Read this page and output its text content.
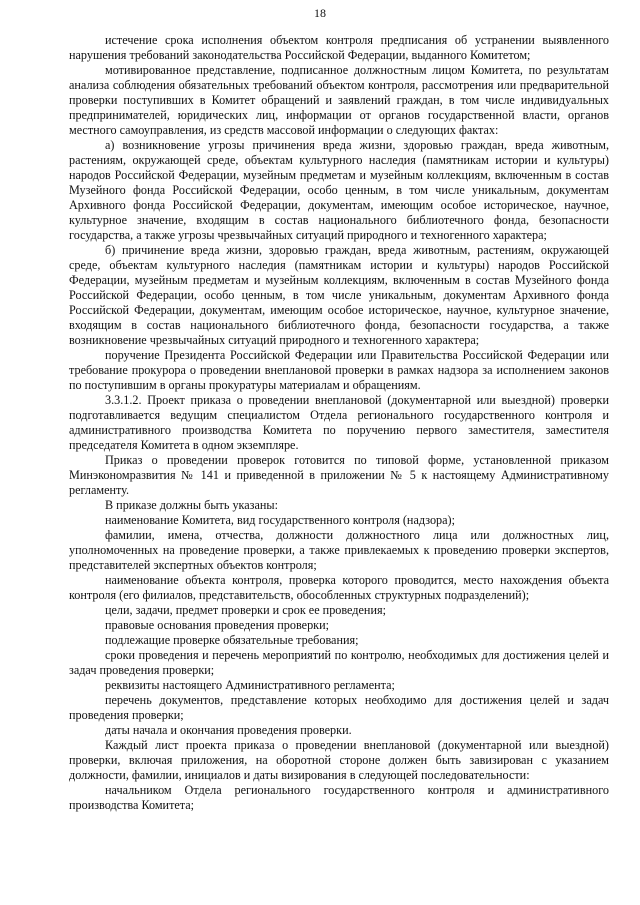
18

истечение срока исполнения объектом контроля предписания об устранении выявленного нарушения требований законодательства Российской Федерации, выданного Комитетом;

мотивированное представление, подписанное должностным лицом Комитета, по результатам анализа соблюдения обязательных требований объектом контроля, рассмотрения или предварительной проверки поступивших в Комитет обращений и заявлений граждан, в том числе индивидуальных предпринимателей, юридических лиц, информации от органов государственной власти, органов местного самоуправления, из средств массовой информации о следующих фактах:

а) возникновение угрозы причинения вреда жизни, здоровью граждан, вреда животным, растениям, окружающей среде, объектам культурного наследия (памятникам истории и культуры) народов Российской Федерации, музейным предметам и музейным коллекциям, включенным в состав Музейного фонда Российской Федерации, особо ценным, в том числе уникальным, документам Архивного фонда Российской Федерации, документам, имеющим особое историческое, научное, культурное значение, входящим в состав национального библиотечного фонда, безопасности государства, а также угрозы чрезвычайных ситуаций природного и техногенного характера;

б) причинение вреда жизни, здоровью граждан, вреда животным, растениям, окружающей среде, объектам культурного наследия (памятникам истории и культуры) народов Российской Федерации, музейным предметам и музейным коллекциям, включенным в состав Музейного фонда Российской Федерации, особо ценным, в том числе уникальным, документам Архивного фонда Российской Федерации, документам, имеющим особое историческое, научное, культурное значение, входящим в состав национального библиотечного фонда, безопасности государства, а также возникновение чрезвычайных ситуаций природного и техногенного характера;

поручение Президента Российской Федерации или Правительства Российской Федерации или требование прокурора о проведении внеплановой проверки в рамках надзора за исполнением законов по поступившим в органы прокуратуры материалам и обращениям.

3.3.1.2. Проект приказа о проведении внеплановой (документарной или выездной) проверки подготавливается ведущим специалистом Отдела регионального государственного контроля и административного производства Комитета по поручению первого заместителя, заместителя председателя Комитета в одном экземпляре.

Приказ о проведении проверок готовится по типовой форме, установленной приказом Минэкономразвития № 141 и приведенной в приложении № 5 к настоящему Административному регламенту.

В приказе должны быть указаны:

наименование Комитета, вид государственного контроля (надзора);

фамилии, имена, отчества, должности должностного лица или должностных лиц, уполномоченных на проведение проверки, а также привлекаемых к проведению проверки экспертов, представителей экспертных объектов контроля;

наименование объекта контроля, проверка которого проводится, место нахождения объекта контроля (его филиалов, представительств, обособленных структурных подразделений);

цели, задачи, предмет проверки и срок ее проведения;

правовые основания проведения проверки;

подлежащие проверке обязательные требования;

сроки проведения и перечень мероприятий по контролю, необходимых для достижения целей и задач проведения проверки;

реквизиты настоящего Административного регламента;

перечень документов, представление которых необходимо для достижения целей и задач проведения проверки;

даты начала и окончания проведения проверки.

Каждый лист проекта приказа о проведении внеплановой (документарной или выездной) проверки, включая приложения, на оборотной стороне должен быть завизирован с указанием должности, фамилии, инициалов и даты визирования в следующей последовательности:

начальником Отдела регионального государственного контроля и административного производства Комитета;
